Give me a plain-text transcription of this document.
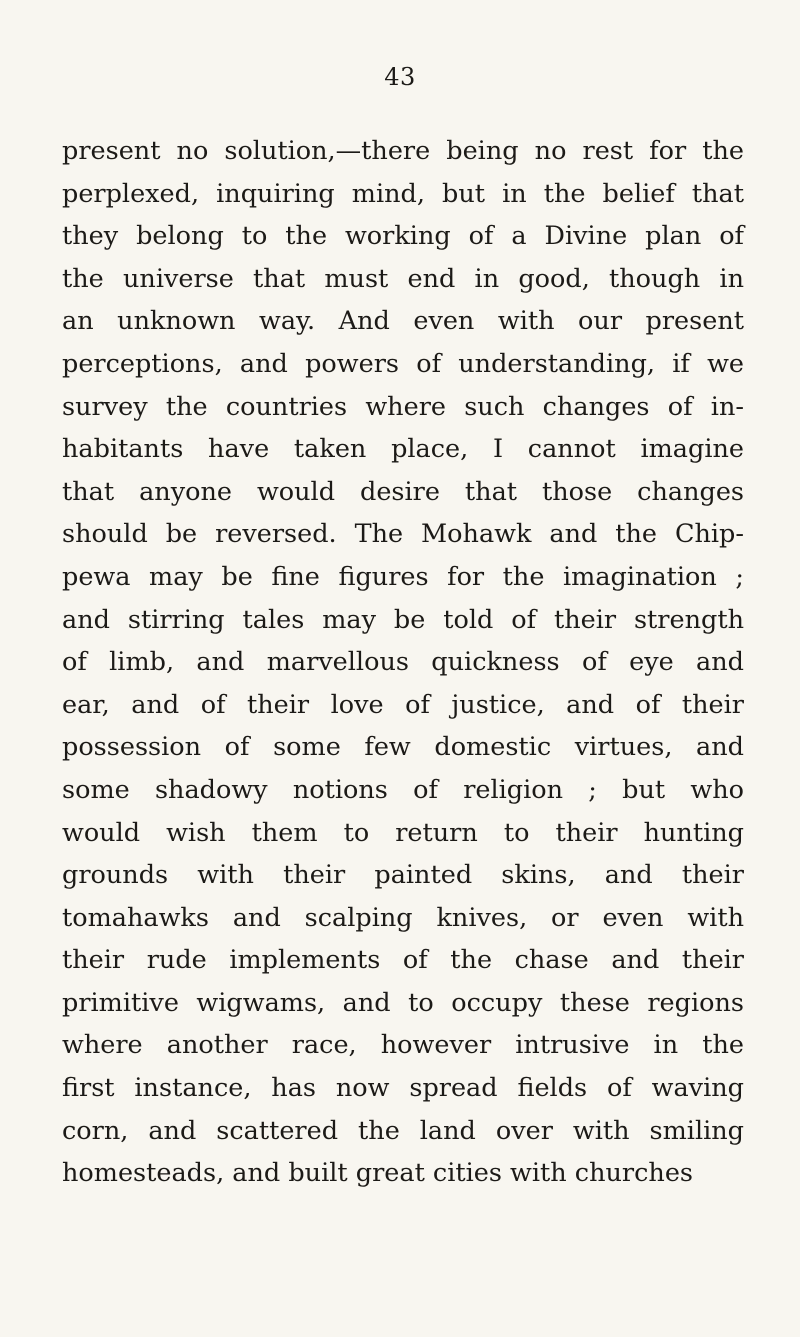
43
present no solution,—there being no rest for the
perplexed, inquiring mind, but in the belief that
they belong to the working of a Divine plan of
the universe that must end in good, though in
an unknown way. And even with our present
perceptions, and powers of understanding, if we
survey the countries where such changes of in-
habitants have taken place, I cannot imagine
that anyone would desire that those changes
should be reversed. The Mohawk and the Chip-
pewa may be fine figures for the imagination ;
and stirring tales may be told of their strength
of limb, and marvellous quickness of eye and
ear, and of their love of justice, and of their
possession of some few domestic virtues, and
some shadowy notions of religion ; but who
would wish them to return to their hunting
grounds with their painted skins, and their
tomahawks and scalping knives, or even with
their rude implements of the chase and their
primitive wigwams, and to occupy these regions
where another race, however intrusive in the
first instance, has now spread fields of waving
corn, and scattered the land over with smiling
homesteads, and built great cities with churches
